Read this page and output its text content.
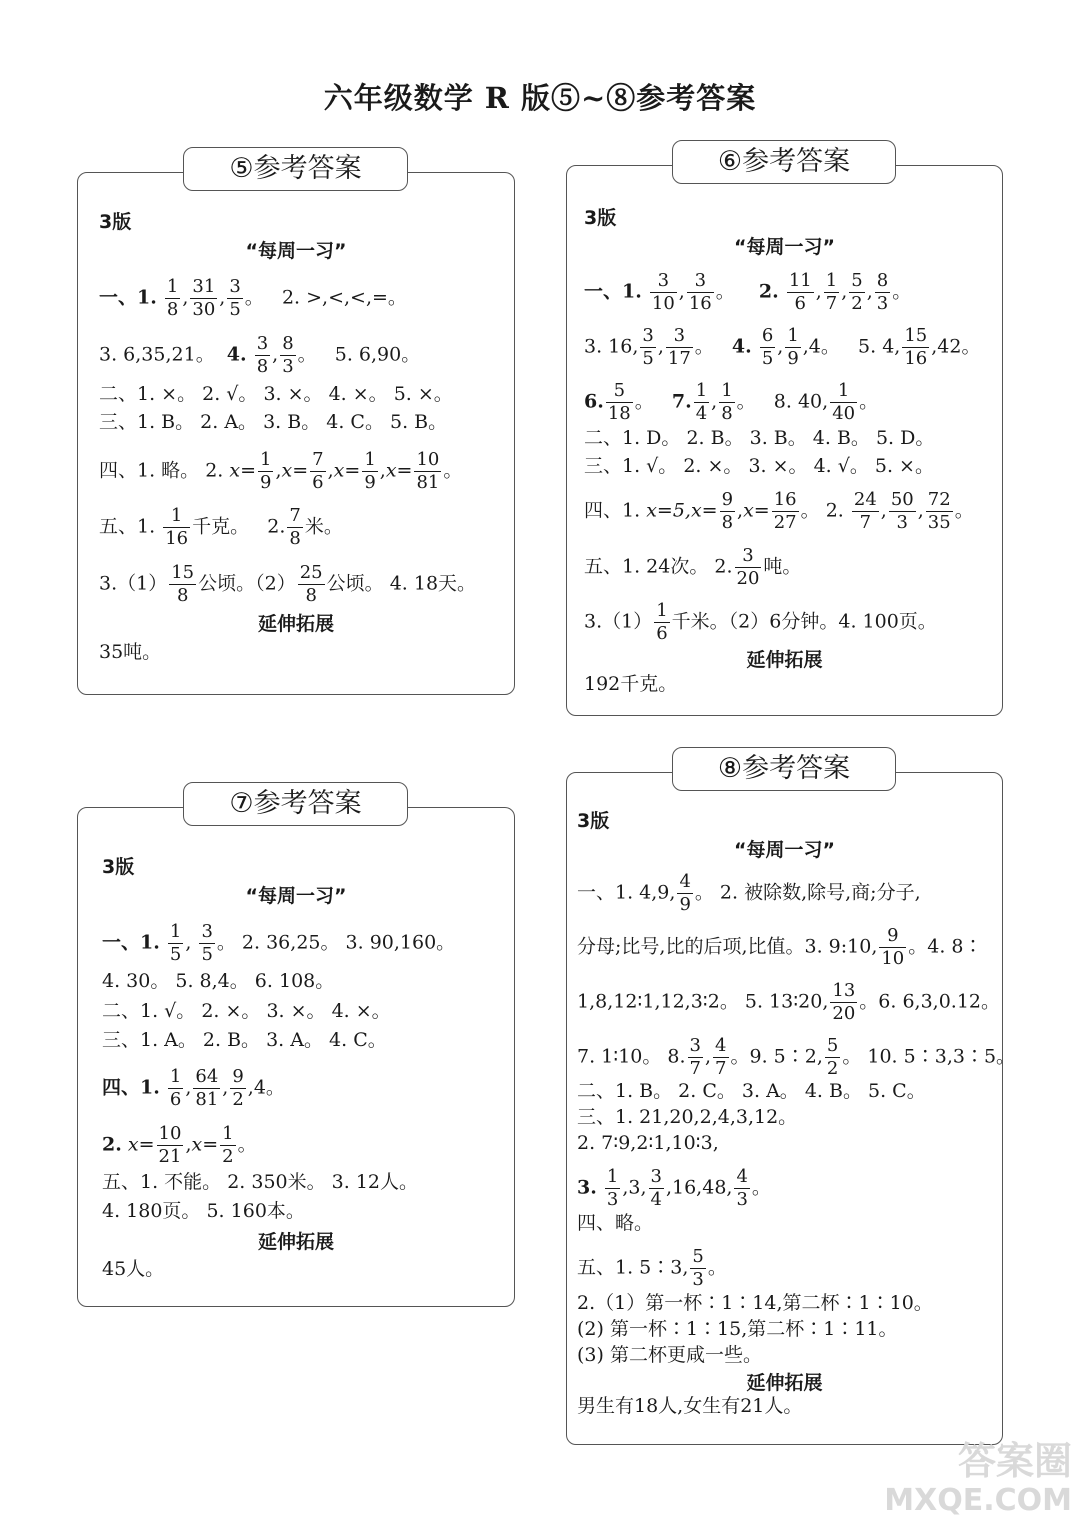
六年级数学 R 版⑤~⑧参考答案
⑤参考答案
3版
“每周一习”
一、1. $\frac{1}{8}$ , $\frac{31}{30}$ , $\frac{3}{5}$ 。 2. >,<,<,=。
3. 6,35,21。 4. $\frac{3}{8}$ , $\frac{8}{3}$ 。   5. 6,90。
二、1. ×。 2. √。 3. ×。 4. ×。 5. ×。
三、1. B。 2. A。 3. B。 4. C。 5. B。
四、1. 略。 2. $x= \frac{1}{9} ,x= \frac{7}{6} ,x= \frac{1}{9} ,x= \frac{10}{81}$ 。
五、1. $\frac{1}{16}$ 千克。 2. $\frac{7}{8}$ 米。
$3.(1) \frac{15}{8}$ 公顷。$(2) \frac{25}{8}$ 公顷。 4. 18天。
延伸拓展
35吨。
⑥参考答案
3版
“每周一习”
一、1. $\frac{3}{10}$ , $\frac{3}{16}$ 。    2. $\frac{11}{6}$ , $\frac{1}{7}$ , $\frac{5}{2}$ , $\frac{8}{3}$ 。
3. 16, $\frac{3}{5}$ , $\frac{3}{17}$ 。   4. $\frac{6}{5}$ , $\frac{1}{9} ,4$。 5. 4, $\frac{15}{16} ,42$。
6. $\frac{5}{18}$ 。   7. $\frac{1}{4}$ , $\frac{1}{8}$ 。   8. 40, $\frac{1}{40}$ 。
二、1. D。 2. B。 3. B。 4. B。 5. D。
三、1. √。 2. ×。 3. ×。 4. √。 5. ×。
四、1. $x=5,x= \frac{9}{8} ,x= \frac{16}{27}$ 。 2. $\frac{24}{7}$ , $\frac{50}{3}$ , $\frac{72}{35}$ 。
五、1. 24次。 2. $\frac{3}{20}$ 吨。
$3.(1) \frac{1}{6}$ 千米。（2）6分钟。4. 100页。
延伸拓展
192千克。
⑦参考答案
3版
“每周一习”
一、1. $\frac{1}{5}$ , $\frac{3}{5}$ 。 2. 36,25。 3. 90,160。
4. 30。 5. 8,4。 6. 108。
二、1. √。 2. ×。 3. ×。 4. ×。
三、1. A。 2. B。 3. A。 4. C。
四、1. $\frac{1}{6}$ , $\frac{64}{81}$ , $\frac{9}{2} ,4$。
2. $x= \frac{10}{21} ,x= \frac{1}{2}$ 。
五、1. 不能。 2. 350米。 3. 12人。
4. 180页。 5. 160本。
延伸拓展
45人。
⑧参考答案
3版
“每周一习”
一、1. 4,9, $\frac{4}{9}$ 。 2. 被除数,除号,商;分子,
分母;比号,比的后项,比值。3. 9:10, $\frac{9}{10}$ 。4. 8∶
1,8,12∶1,12,3∶2。 5. 13∶20, $\frac{13}{20}$ 。6. 6,3,0.12。
7. 1∶10。 8. $\frac{3}{7}$ , $\frac{4}{7}$ 。9. 5∶2, $\frac{5}{2}$ 。 10. 5∶3,3∶5。
二、1. B。 2. C。 3. A。 4. B。 5. C。
三、1. 21,20,2,4,3,12。
2. 7∶9,2∶1,10∶3,
3. $\frac{1}{3} ,3$, $\frac{3}{4} ,16,48$, $\frac{4}{3}$ 。
四、略。
五、1. 5∶3, $\frac{5}{3}$ 。
2.（1）第一杯∶1∶14,第二杯∶1∶10。
(2) 第一杯∶1∶15,第二杯∶1∶11。
(3) 第二杯更咸一些。
延伸拓展
男生有18人,女生有21人。
答案圈
MXQE.COM
